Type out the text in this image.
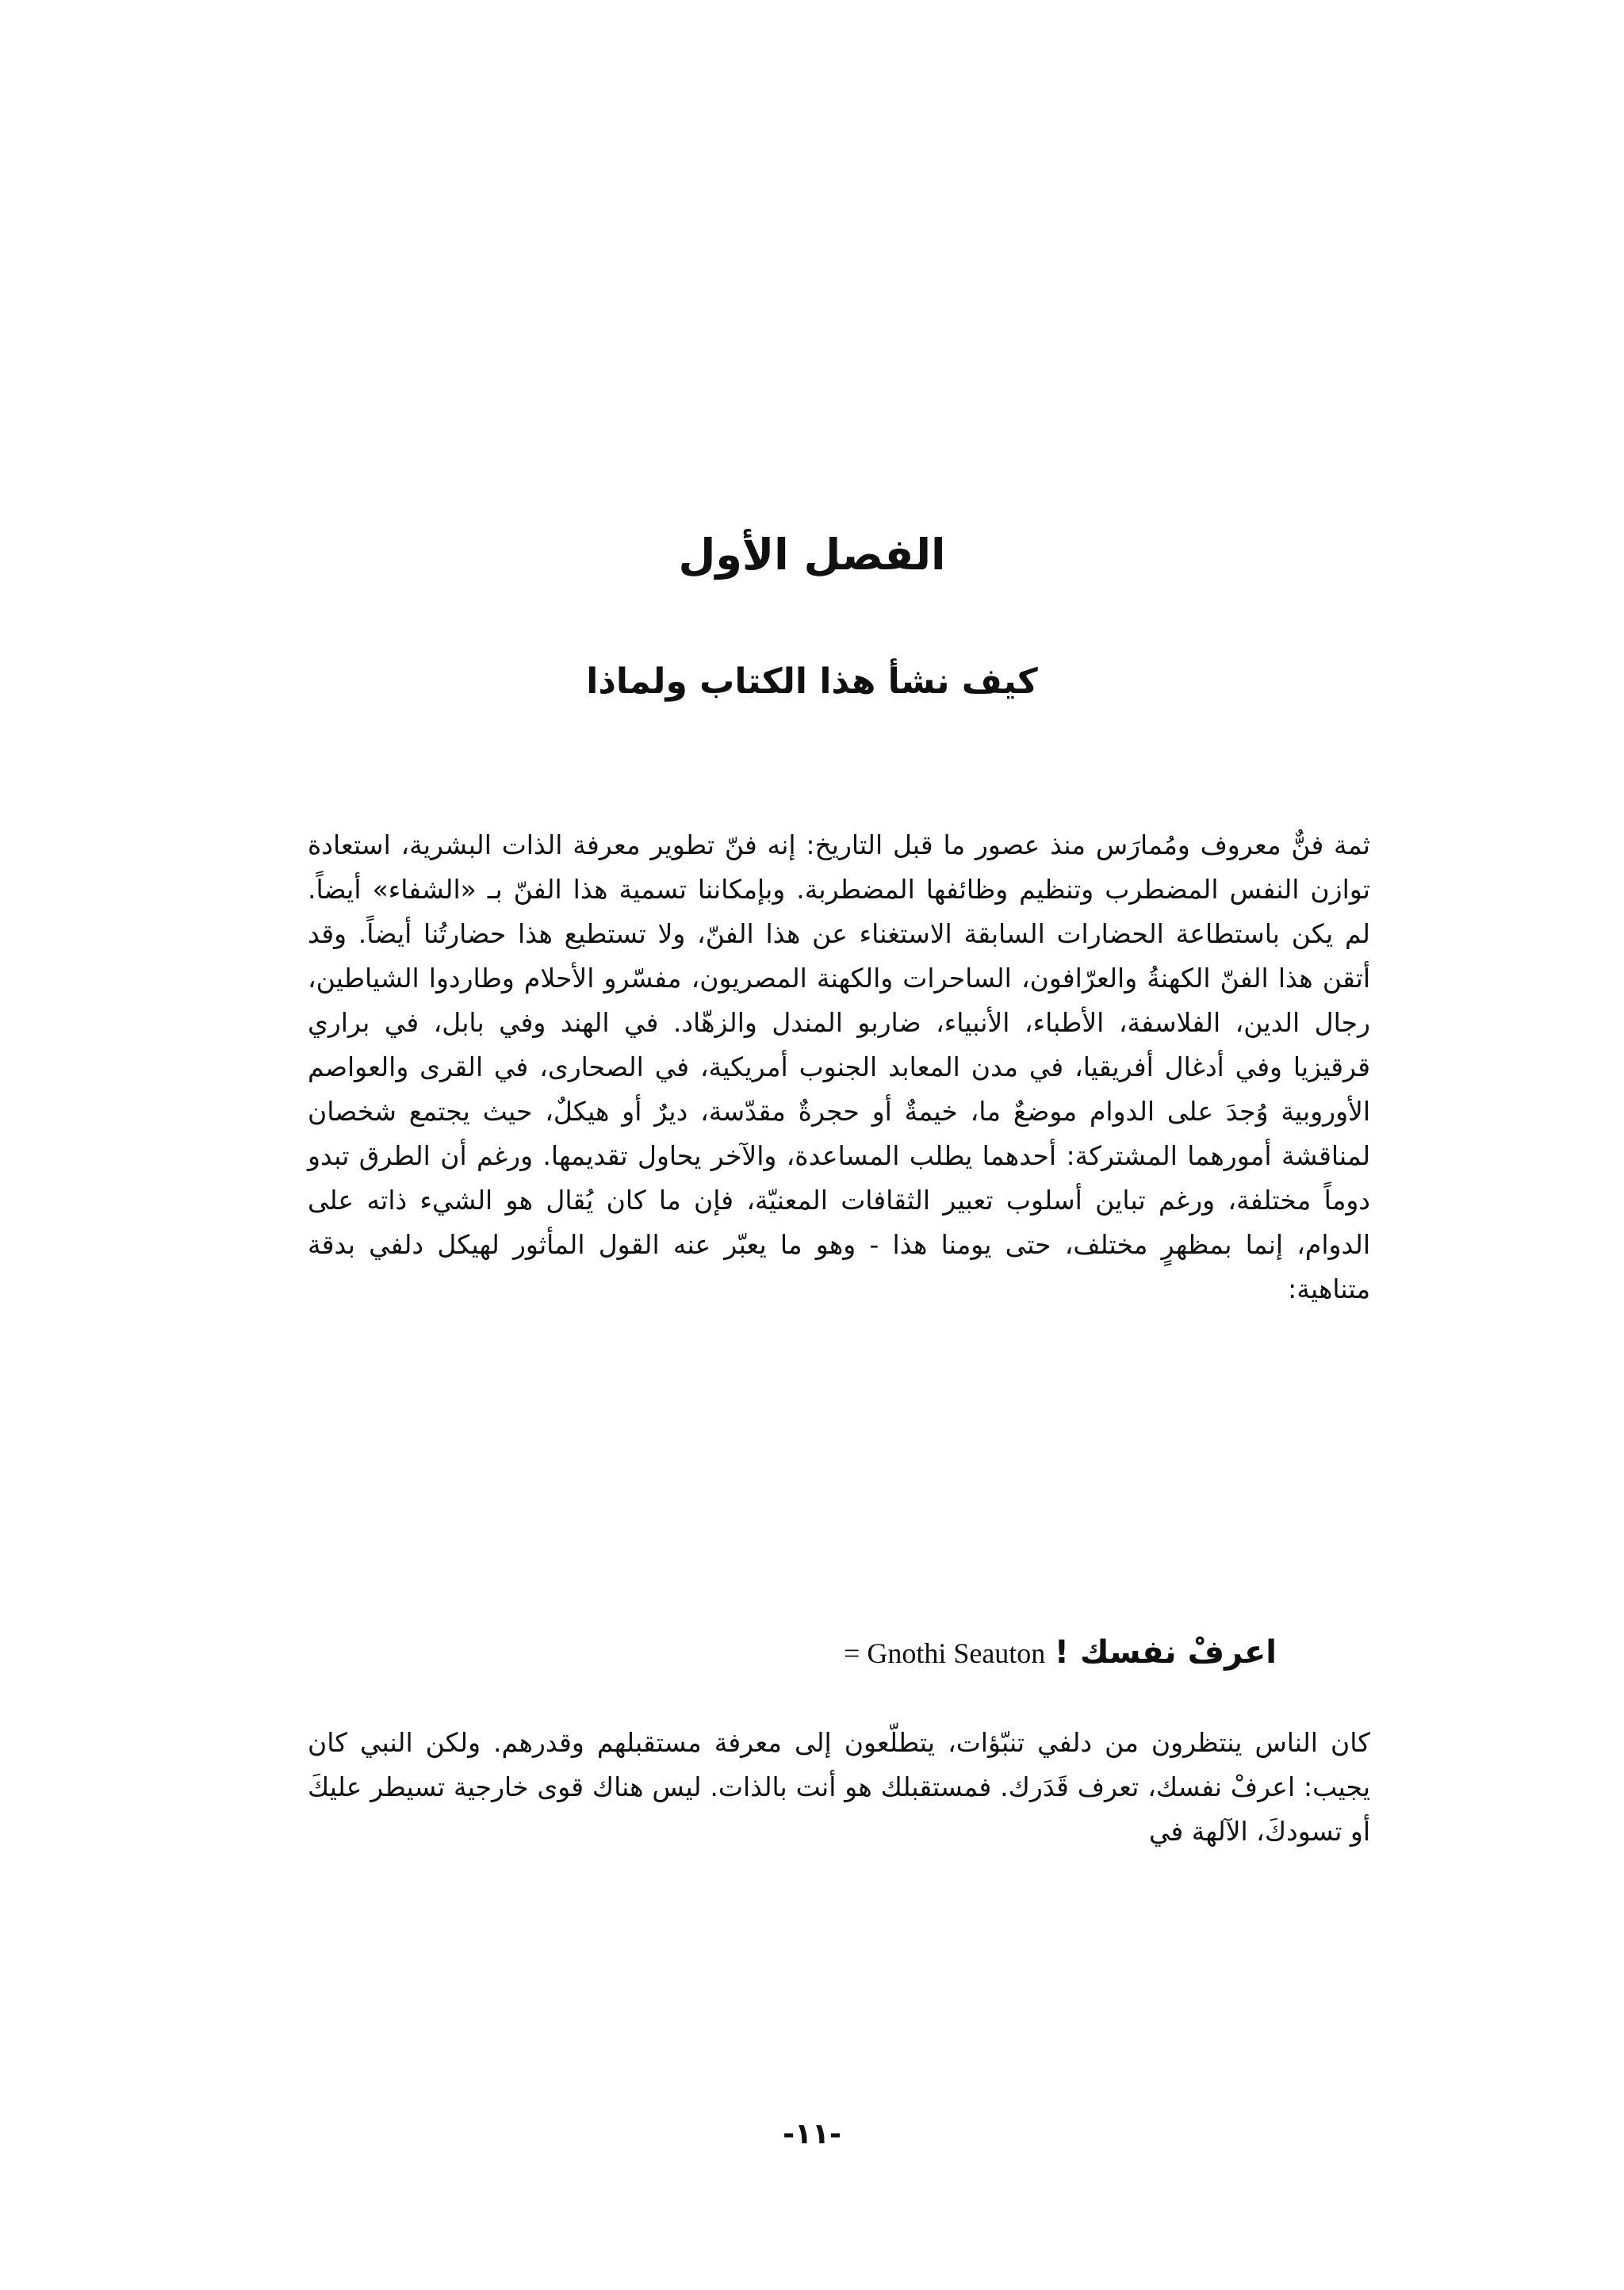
الفصل الأول
كيف نشأ هذا الكتاب ولماذا

ثمة فنٌّ معروف ومُمارَس منذ عصور ما قبل التاريخ: إنه فنّ تطوير معرفة الذات البشرية، استعادة توازن النفس المضطرب وتنظيم وظائفها المضطربة. وبإمكاننا تسمية هذا الفنّ بـ «الشفاء» أيضاً. لم يكن باستطاعة الحضارات السابقة الاستغناء عن هذا الفنّ، ولا تستطيع هذا حضارتُنا أيضاً. وقد أتقن هذا الفنّ الكهنةُ والعرّافون، الساحرات والكهنة المصريون، مفسّرو الأحلام وطاردوا الشياطين، رجال الدين، الفلاسفة، الأطباء، الأنبياء، ضاربو المندل والزهّاد. في الهند وفي بابل، في براري قرقيزيا وفي أدغال أفريقيا، في مدن المعابد الجنوب أمريكية، في الصحارى، في القرى والعواصم الأوروبية وُجدَ على الدوام موضعٌ ما، خيمةٌ أو حجرةٌ مقدّسة، ديرٌ أو هيكلٌ، حيث يجتمع شخصان لمناقشة أمورهما المشتركة: أحدهما يطلب المساعدة، والآخر يحاول تقديمها. ورغم أن الطرق تبدو دوماً مختلفة، ورغم تباين أسلوب تعبير الثقافات المعنيّة، فإن ما كان يُقال هو الشيء ذاته على الدوام، إنما بمظهرٍ مختلف، حتى يومنا هذا - وهو ما يعبّر عنه القول المأثور لهيكل دلفي بدقة متناهية:

اعرفْ نفسك ! = Gnothi Seauton

كان الناس ينتظرون من دلفي تنبّؤات، يتطلّعون إلى معرفة مستقبلهم وقدرهم. ولكن النبي كان يجيب: اعرفْ نفسك، تعرف قَدَرك. فمستقبلك هو أنت بالذات. ليس هناك قوى خارجية تسيطر عليكَ أو تسودكَ، الآلهة في

-١١-
